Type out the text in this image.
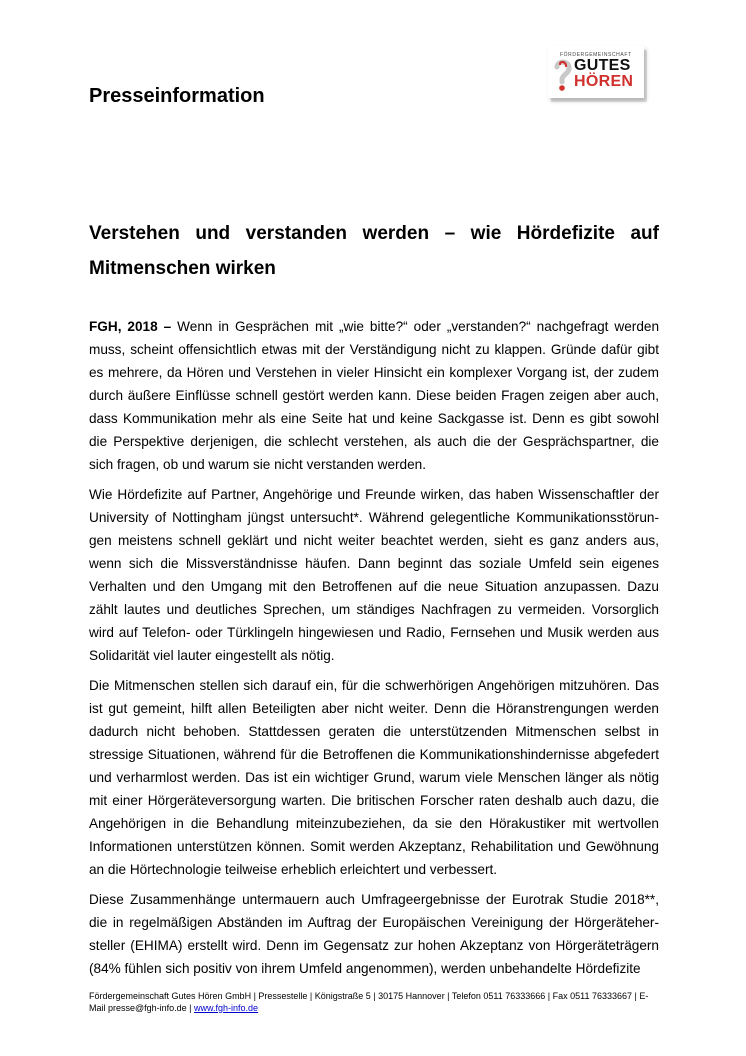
FÖRDERGEMEINSCHAFT
GUTES
HÖREN
Presseinformation
Verstehen und verstanden werden – wie Hördefizite auf Mitmenschen wirken

FGH, 2018 – Wenn in Gesprächen mit „wie bitte?“ oder „verstanden?“ nachgefragt werden muss, scheint offensichtlich etwas mit der Verständigung nicht zu klappen. Gründe dafür gibt es mehrere, da Hören und Verstehen in vieler Hinsicht ein komplexer Vorgang ist, der zudem durch äußere Einflüsse schnell gestört werden kann. Diese beiden Fragen zeigen aber auch, dass Kommunikation mehr als eine Seite hat und keine Sackgasse ist. Denn es gibt sowohl die Perspektive derjenigen, die schlecht verstehen, als auch die der Gesprächspartner, die sich fragen, ob und warum sie nicht verstanden werden.

Wie Hördefizite auf Partner, Angehörige und Freunde wirken, das haben Wissenschaftler der University of Nottingham jüngst untersucht*. Während gelegentliche Kommunikationsstörungen meistens schnell geklärt und nicht weiter beachtet werden, sieht es ganz anders aus, wenn sich die Missverständnisse häufen. Dann beginnt das soziale Umfeld sein eigenes Verhalten und den Umgang mit den Betroffenen auf die neue Situation anzupassen. Dazu zählt lautes und deutliches Sprechen, um ständiges Nachfragen zu vermeiden. Vorsorglich wird auf Telefon- oder Türklingeln hingewiesen und Radio, Fernsehen und Musik werden aus Solidarität viel lauter eingestellt als nötig.

Die Mitmenschen stellen sich darauf ein, für die schwerhörigen Angehörigen mitzuhören. Das ist gut gemeint, hilft allen Beteiligten aber nicht weiter. Denn die Höranstrengungen werden dadurch nicht behoben. Stattdessen geraten die unterstützenden Mitmenschen selbst in stressige Situationen, während für die Betroffenen die Kommunikationshindernisse abgefedert und verharmlost werden. Das ist ein wichtiger Grund, warum viele Menschen länger als nötig mit einer Hörgeräteversorgung warten. Die britischen Forscher raten deshalb auch dazu, die Angehörigen in die Behandlung miteinzubeziehen, da sie den Hörakustiker mit wertvollen Informationen unterstützen können. Somit werden Akzeptanz, Rehabilitation und Gewöhnung an die Hörtechnologie teilweise erheblich erleichtert und verbessert.

Diese Zusammenhänge untermauern auch Umfrageergebnisse der Eurotrak Studie 2018**, die in regelmäßigen Abständen im Auftrag der Europäischen Vereinigung der Hörgerätehersteller (EHIMA) erstellt wird. Denn im Gegensatz zur hohen Akzeptanz von Hörgeräteträgern (84% fühlen sich positiv von ihrem Umfeld angenommen), werden unbehandelte Hördefizite

Fördergemeinschaft Gutes Hören GmbH | Pressestelle | Königstraße 5 | 30175 Hannover | Telefon 0511 76333666 | Fax 0511 76333667 | E-Mail presse@fgh-info.de | www.fgh-info.de
